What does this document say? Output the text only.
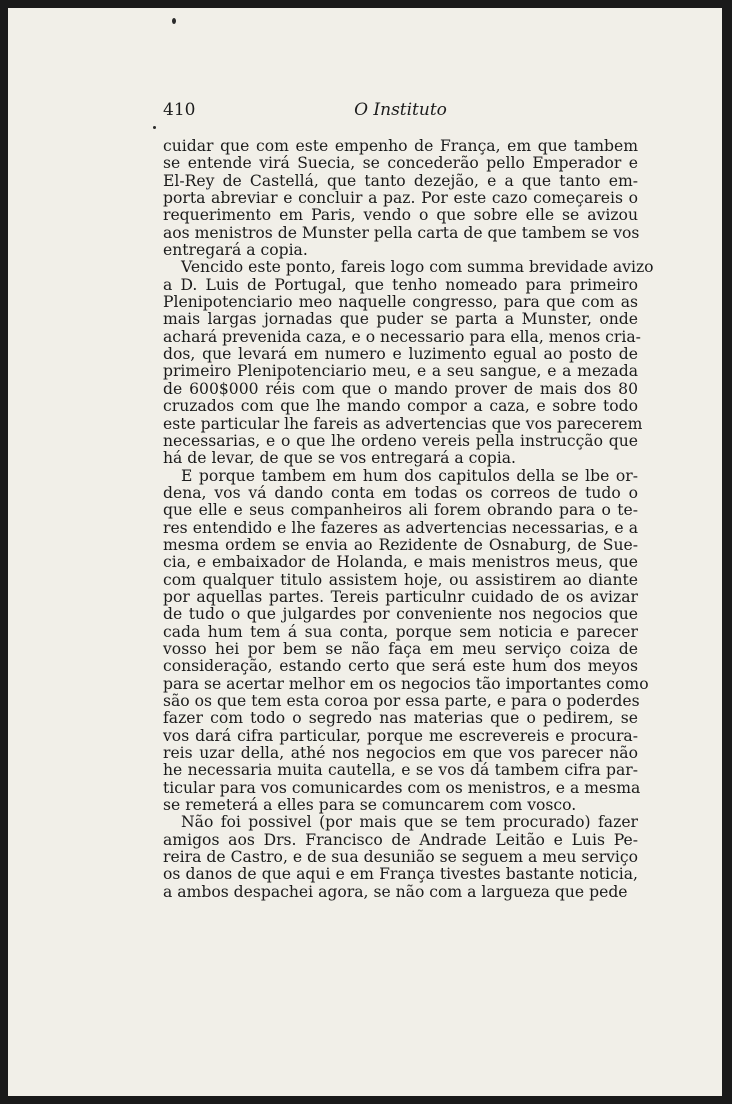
410	O Instituto
cuidar que com este empenho de França, em que tambem
se entende virá Suecia, se concederão pello Emperador e
El-Rey de Castellá, que tanto dezejão, e a que tanto em-
porta abreviar e concluir a paz. Por este cazo começareis o
requerimento em Paris, vendo o que sobre elle se avizou
aos menistros de Munster pella carta de que tambem se vos
entregará a copia.
Vencido este ponto, fareis logo com summa brevidade avizo
a D. Luis de Portugal, que tenho nomeado para primeiro
Plenipotenciario meo naquelle congresso, para que com as
mais largas jornadas que puder se parta a Munster, onde
achará prevenida caza, e o necessario para ella, menos cria-
dos, que levará em numero e luzimento egual ao posto de
primeiro Plenipotenciario meu, e a seu sangue, e a mezada
de 600$000 réis com que o mando prover de mais dos 80
cruzados com que lhe mando compor a caza, e sobre todo
este particular lhe fareis as advertencias que vos parecerem
necessarias, e o que lhe ordeno vereis pella instrucção que
há de levar, de que se vos entregará a copia.
E porque tambem em hum dos capitulos della se lbe or-
dena, vos vá dando conta em todas os correos de tudo o
que elle e seus companheiros ali forem obrando para o te-
res entendido e lhe fazeres as advertencias necessarias, e a
mesma ordem se envia ao Rezidente de Osnaburg, de Sue-
cia, e embaixador de Holanda, e mais menistros meus, que
com qualquer titulo assistem hoje, ou assistirem ao diante
por aquellas partes. Tereis particulnr cuidado de os avizar
de tudo o que julgardes por conveniente nos negocios que
cada hum tem á sua conta, porque sem noticia e parecer
vosso hei por bem se não faça em meu serviço coiza de
consideração, estando certo que será este hum dos meyos
para se acertar melhor em os negocios tão importantes como
são os que tem esta coroa por essa parte, e para o poderdes
fazer com todo o segredo nas materias que o pedirem, se
vos dará cifra particular, porque me escrevereis e procura-
reis uzar della, athé nos negocios em que vos parecer não
he necessaria muita cautella, e se vos dá tambem cifra par-
ticular para vos comunicardes com os menistros, e a mesma
se remeterá a elles para se comuncarem com vosco.
Não foi possivel (por mais que se tem procurado) fazer
amigos aos Drs. Francisco de Andrade Leitão e Luis Pe-
reira de Castro, e de sua desunião se seguem a meu serviço
os danos de que aqui e em França tivestes bastante noticia,
a ambos despachei agora, se não com a largueza que pede
